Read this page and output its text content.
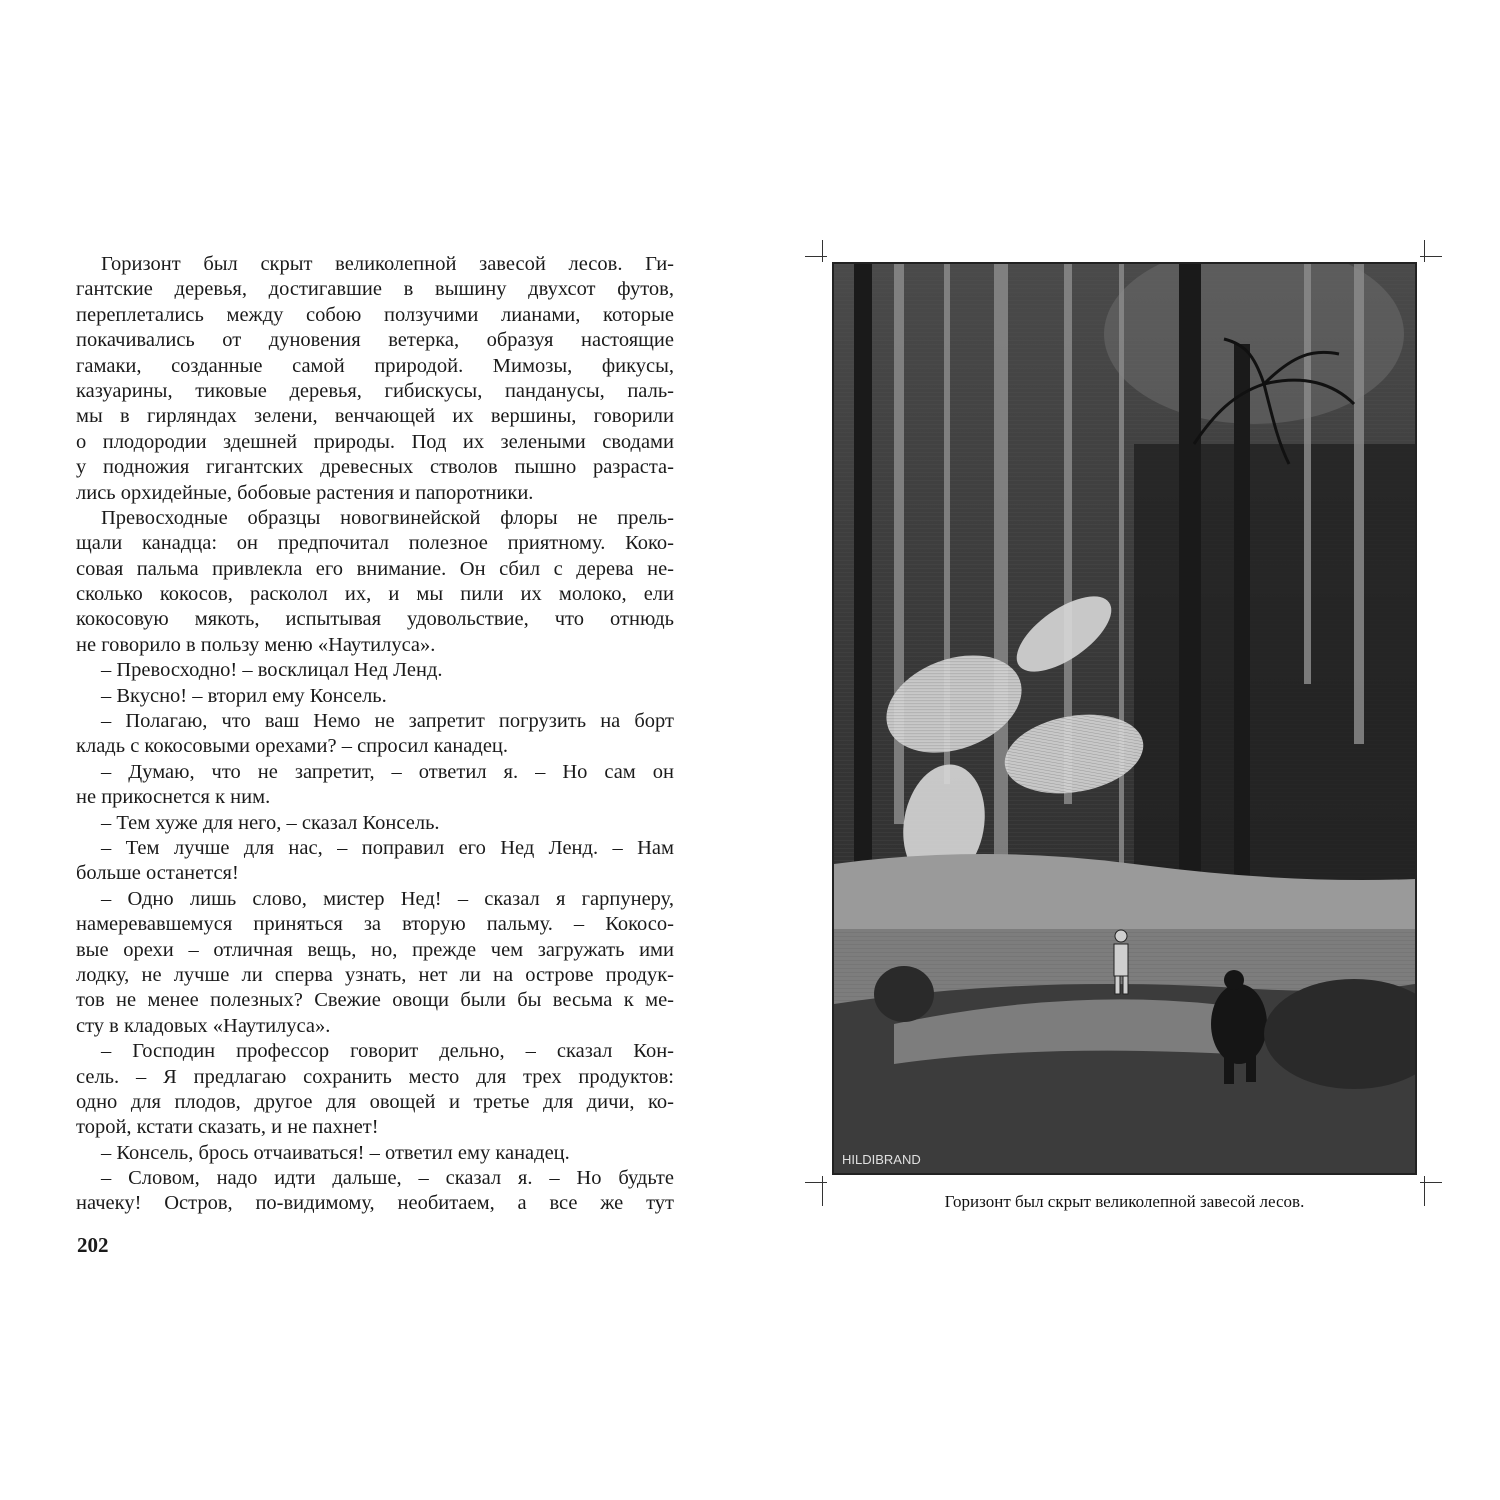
Горизонт был скрыт великолепной завесой лесов. Ги-
гантские деревья, достигавшие в вышину двухсот футов,
переплетались между собою ползучими лианами, которые
покачивались от дуновения ветерка, образуя настоящие
гамаки, созданные самой природой. Мимозы, фикусы,
казуарины, тиковые деревья, гибискусы, панданусы, паль-
мы в гирляндах зелени, венчающей их вершины, говорили
о плодородии здешней природы. Под их зелеными сводами
у подножия гигантских древесных стволов пышно разраста-
лись орхидейные, бобовые растения и папоротники.
Превосходные образцы новогвинейской флоры не прель-
щали канадца: он предпочитал полезное приятному. Коко-
совая пальма привлекла его внимание. Он сбил с дерева не-
сколько кокосов, расколол их, и мы пили их молоко, ели
кокосовую мякоть, испытывая удовольствие, что отнюдь
не говорило в пользу меню «Наутилуса».
– Превосходно! – восклицал Нед Ленд.
– Вкусно! – вторил ему Консель.
– Полагаю, что ваш Немо не запретит погрузить на борт
кладь с кокосовыми орехами? – спросил канадец.
– Думаю, что не запретит, – ответил я. – Но сам он
не прикоснется к ним.
– Тем хуже для него, – сказал Консель.
– Тем лучше для нас, – поправил его Нед Ленд. – Нам
больше останется!
– Одно лишь слово, мистер Нед! – сказал я гарпунеру,
намеревавшемуся приняться за вторую пальму. – Кокосо-
вые орехи – отличная вещь, но, прежде чем загружать ими
лодку, не лучше ли сперва узнать, нет ли на острове продук-
тов не менее полезных? Свежие овощи были бы весьма к ме-
сту в кладовых «Наутилуса».
– Господин профессор говорит дельно, – сказал Кон-
сель. – Я предлагаю сохранить место для трех продуктов:
одно для плодов, другое для овощей и третье для дичи, ко-
торой, кстати сказать, и не пахнет!
– Консель, брось отчаиваться! – ответил ему канадец.
– Словом, надо идти дальше, – сказал я. – Но будьте
начеку! Остров, по-видимому, необитаем, а все же тут
202
HILDIBRAND
Горизонт был скрыт великолепной завесой лесов.
